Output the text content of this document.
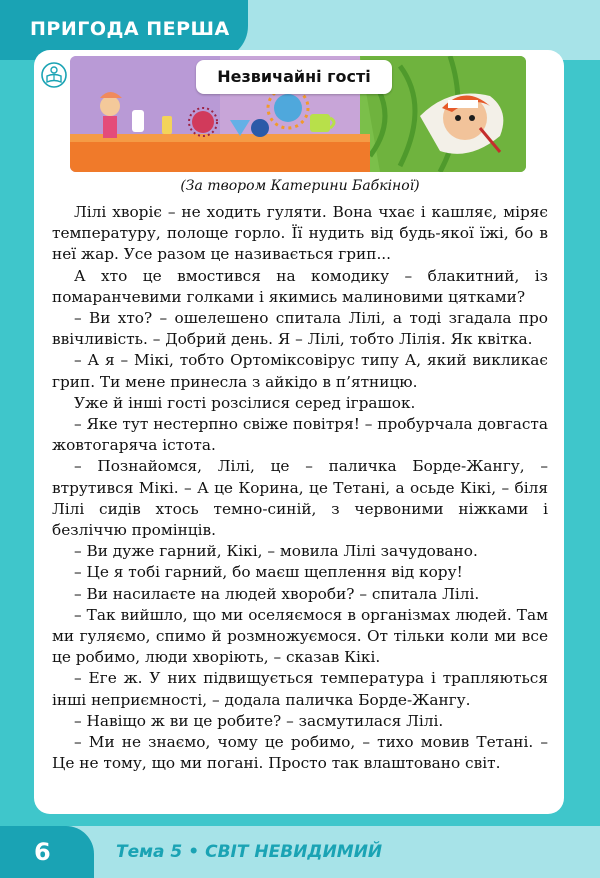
ПРИГОДА ПЕРША
Незвичайні гості
(За твором Катерини Бабкіної)

Лілі хворіє – не ходить гуляти. Вона чхає і кашляє, міряє температуру, полоще горло. Її нудить від будь-якої їжі, бо в неї жар. Усе разом це називається грип...

А хто це вмостився на комодику – блакитний, із помаранчевими голками і якимись малиновими цятками?

– Ви хто? – ошелешено спитала Лілі, а тоді згадала про ввічливість. – Добрий день. Я – Лілі, тобто Лілія. Як квітка.

– А я – Мікі, тобто Ортоміксовірус типу А, який викликає грип. Ти мене принесла з айкідо в п’ятницю.

Уже й інші гості розсілися серед іграшок.

– Яке тут нестерпно свіже повітря! – пробурчала довгаста жовтогаряча істота.

– Познайомся, Лілі, це – паличка Борде-Жангу, – втрутився Мікі. – А це Корина, це Тетані, а осьде Кікі, – біля Лілі сидів хтось темно-синій, з червоними ніжками і безліччю промінців.

– Ви дуже гарний, Кікі, – мовила Лілі зачудовано.

– Це я тобі гарний, бо маєш щеплення від кору!

– Ви насилаєте на людей хвороби? – спитала Лілі.

– Так вийшло, що ми оселяємося в організмах людей. Там ми гуляємо, спимо й розмножуємося. От тільки коли ми все це робимо, люди хворіють, – сказав Кікі.

– Еге ж. У них підвищується температура і трапляються інші неприємності, – додала паличка Борде-Жангу.

– Навіщо ж ви це робите? – засмутилася Лілі.

– Ми не знаємо, чому це робимо, – тихо мовив Тетані. – Це не тому, що ми погані. Просто так влаштовано світ.

6	Тема 5 • СВІТ НЕВИДИМИЙ
